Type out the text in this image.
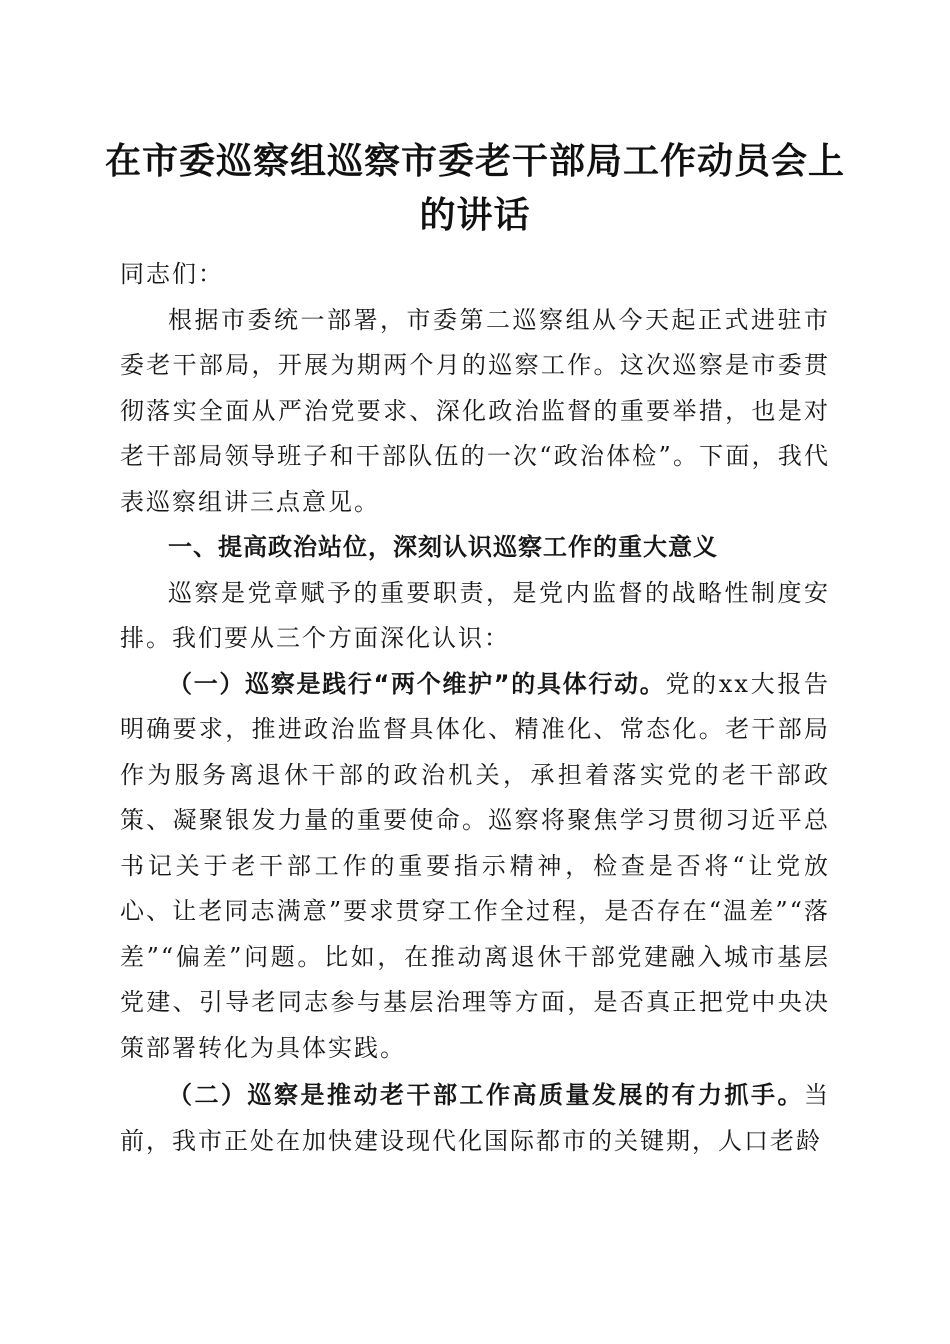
在市委巡察组巡察市委老干部局工作动员会上
的讲话

同志们：

根据市委统一部署，市委第二巡察组从今天起正式进驻市委老干部局，开展为期两个月的巡察工作。这次巡察是市委贯彻落实全面从严治党要求、深化政治监督的重要举措，也是对老干部局领导班子和干部队伍的一次“政治体检”。下面，我代表巡察组讲三点意见。

一、提高政治站位，深刻认识巡察工作的重大意义

巡察是党章赋予的重要职责，是党内监督的战略性制度安排。我们要从三个方面深化认识：

（一）巡察是践行“两个维护”的具体行动。党的xx大报告明确要求，推进政治监督具体化、精准化、常态化。老干部局作为服务离退休干部的政治机关，承担着落实党的老干部政策、凝聚银发力量的重要使命。巡察将聚焦学习贯彻习近平总书记关于老干部工作的重要指示精神，检查是否将“让党放心、让老同志满意”要求贯穿工作全过程，是否存在“温差”“落差”“偏差”问题。比如，在推动离退休干部党建融入城市基层党建、引导老同志参与基层治理等方面，是否真正把党中央决策部署转化为具体实践。

（二）巡察是推动老干部工作高质量发展的有力抓手。当前，我市正处在加快建设现代化国际都市的关键期，人口老龄
